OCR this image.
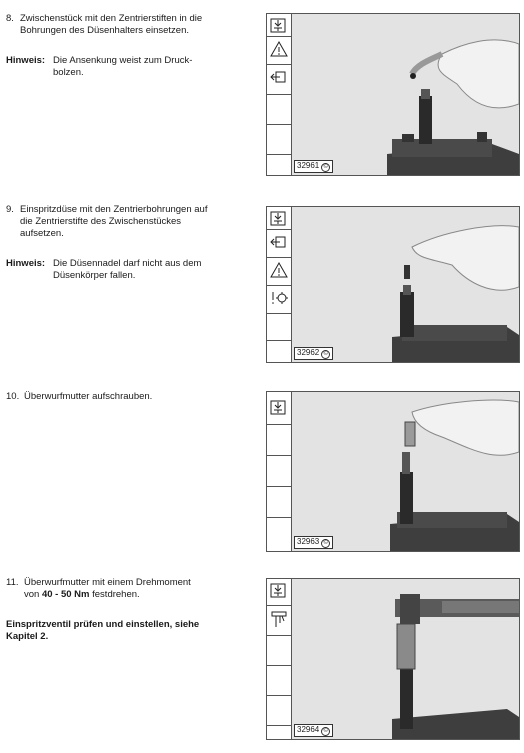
8. Zwischenstück mit den Zentrierstiften in die Bohrungen des Düsenhalters einsetzen.
Hinweis: Die Ansenkung weist zum Druck-bolzen.
32961 ©
9. Einspritzdüse mit den Zentrierbohrungen auf die Zentrierstifte des Zwischenstückes aufsetzen.
Hinweis: Die Düsennadel darf nicht aus dem Düsenkörper fallen.
32962 ©
10. Überwurfmutter aufschrauben.
32963 ©
11. Überwurfmutter mit einem Drehmoment von 40 - 50 Nm festdrehen.
Einspritzventil prüfen und einstellen, siehe Kapitel 2.
32964 ©
